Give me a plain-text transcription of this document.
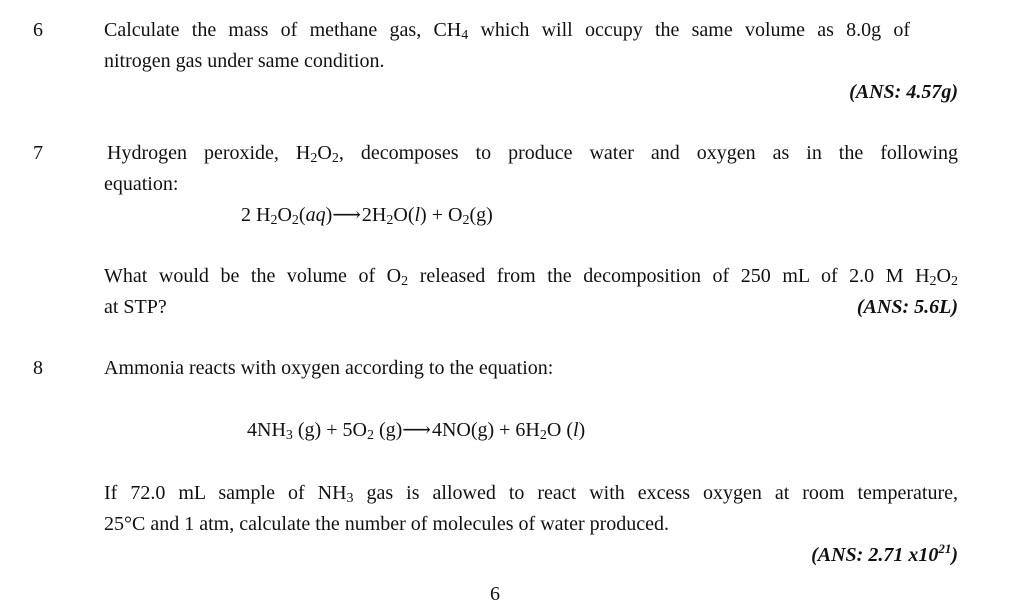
6	Calculate the mass of methane gas, $CH_4$ which will occupy the same volume as 8.0g of
nitrogen gas under same condition.
(ANS: 4.57g)
7	Hydrogen peroxide, $H_2O_2$, decomposes to produce water and oxygen as in the following
equation:
2 $H_2O_2(aq)⟶$ $2H_2O(l) + O_2(g)$
What would be the volume of $O_2$ released from the decomposition of 250 mL of 2.0 M $H_2O_2$
at STP?	(ANS: 5.6L)
8	Ammonia reacts with oxygen according to the equation:
$4NH_3$ $(g) + 5O_2$ (g)⟶ $4NO(g) + 6H_2O$ (l)
If 72.0 mL sample of $NH_3$ gas is allowed to react with excess oxygen at room temperature,
25°C and 1 atm, calculate the number of molecules of water produced.
(ANS: 2.71 $x10^{21}$)
6
